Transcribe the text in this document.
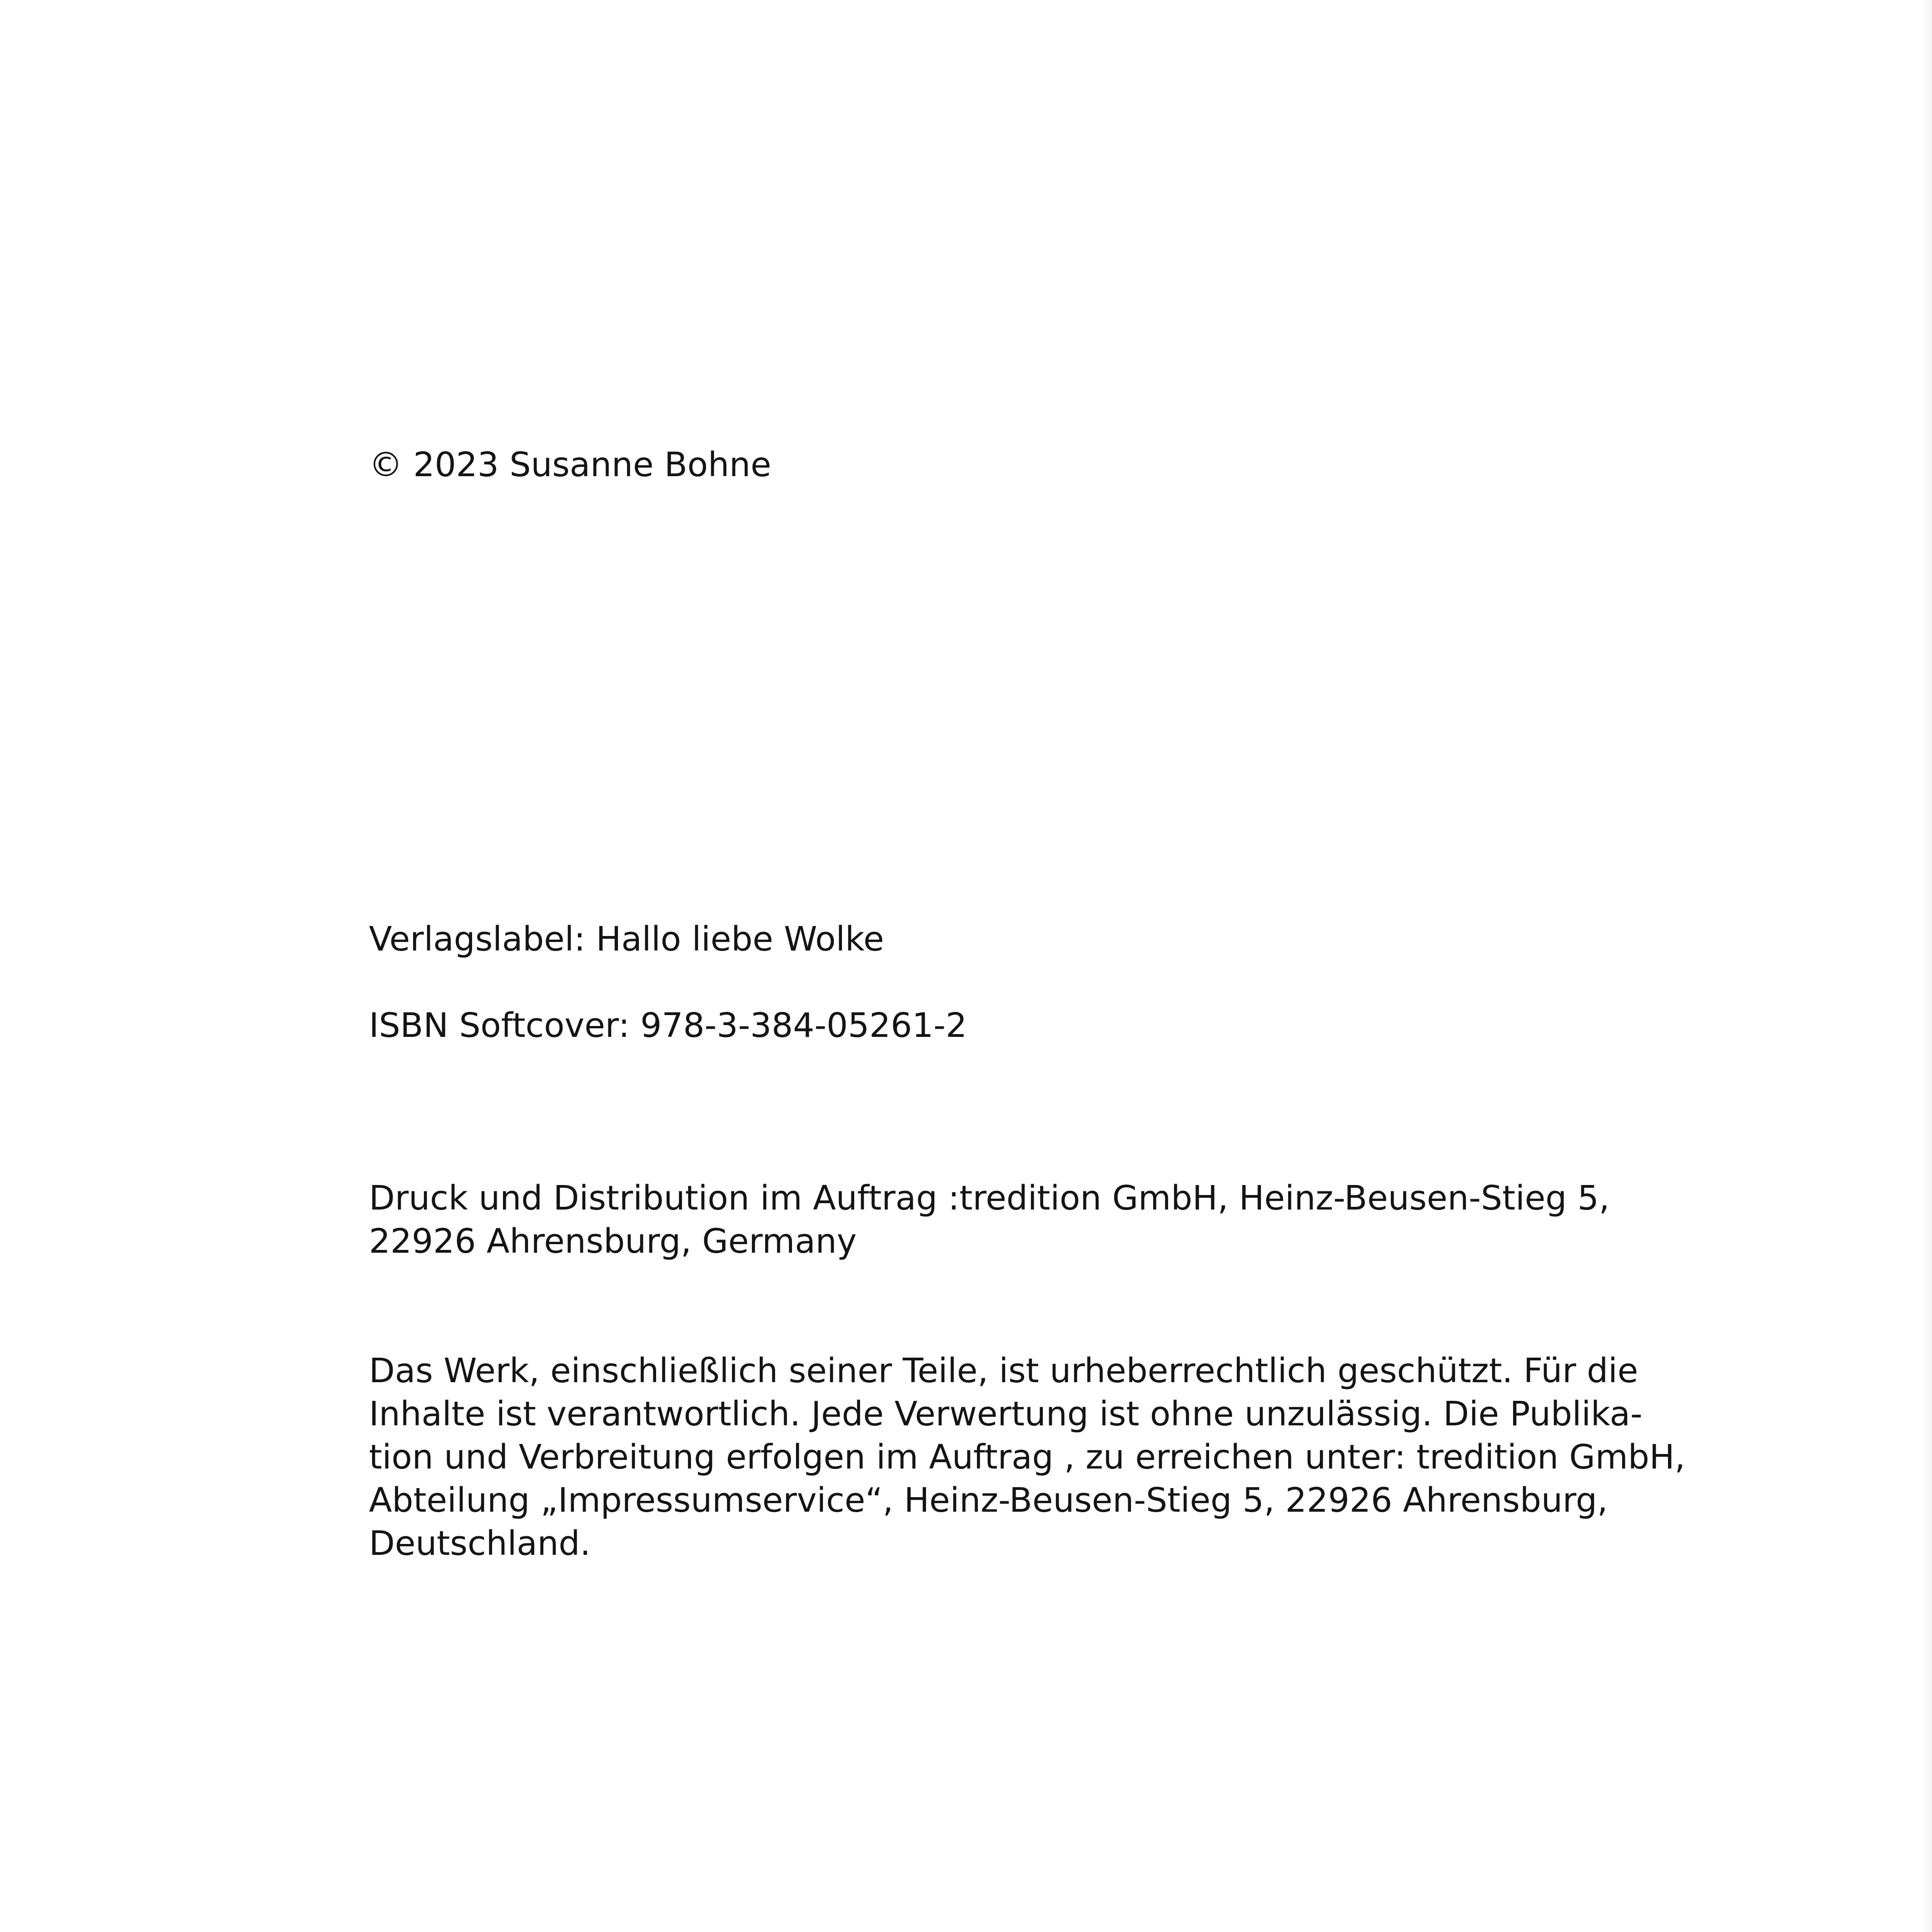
© 2023 Susanne Bohne

Verlagslabel: Hallo liebe Wolke

ISBN Softcover: 978-3-384-05261-2

Druck und Distribution im Auftrag :tredition GmbH, Heinz-Beusen-Stieg 5,

22926 Ahrensburg, Germany

Das Werk, einschließlich seiner Teile, ist urheberrechtlich geschützt. Für die

Inhalte ist verantwortlich. Jede Verwertung ist ohne unzulässig. Die Publika-

tion und Verbreitung erfolgen im Auftrag , zu erreichen unter: tredition GmbH,

Abteilung „Impressumservice“, Heinz-Beusen-Stieg 5, 22926 Ahrensburg,

Deutschland.
